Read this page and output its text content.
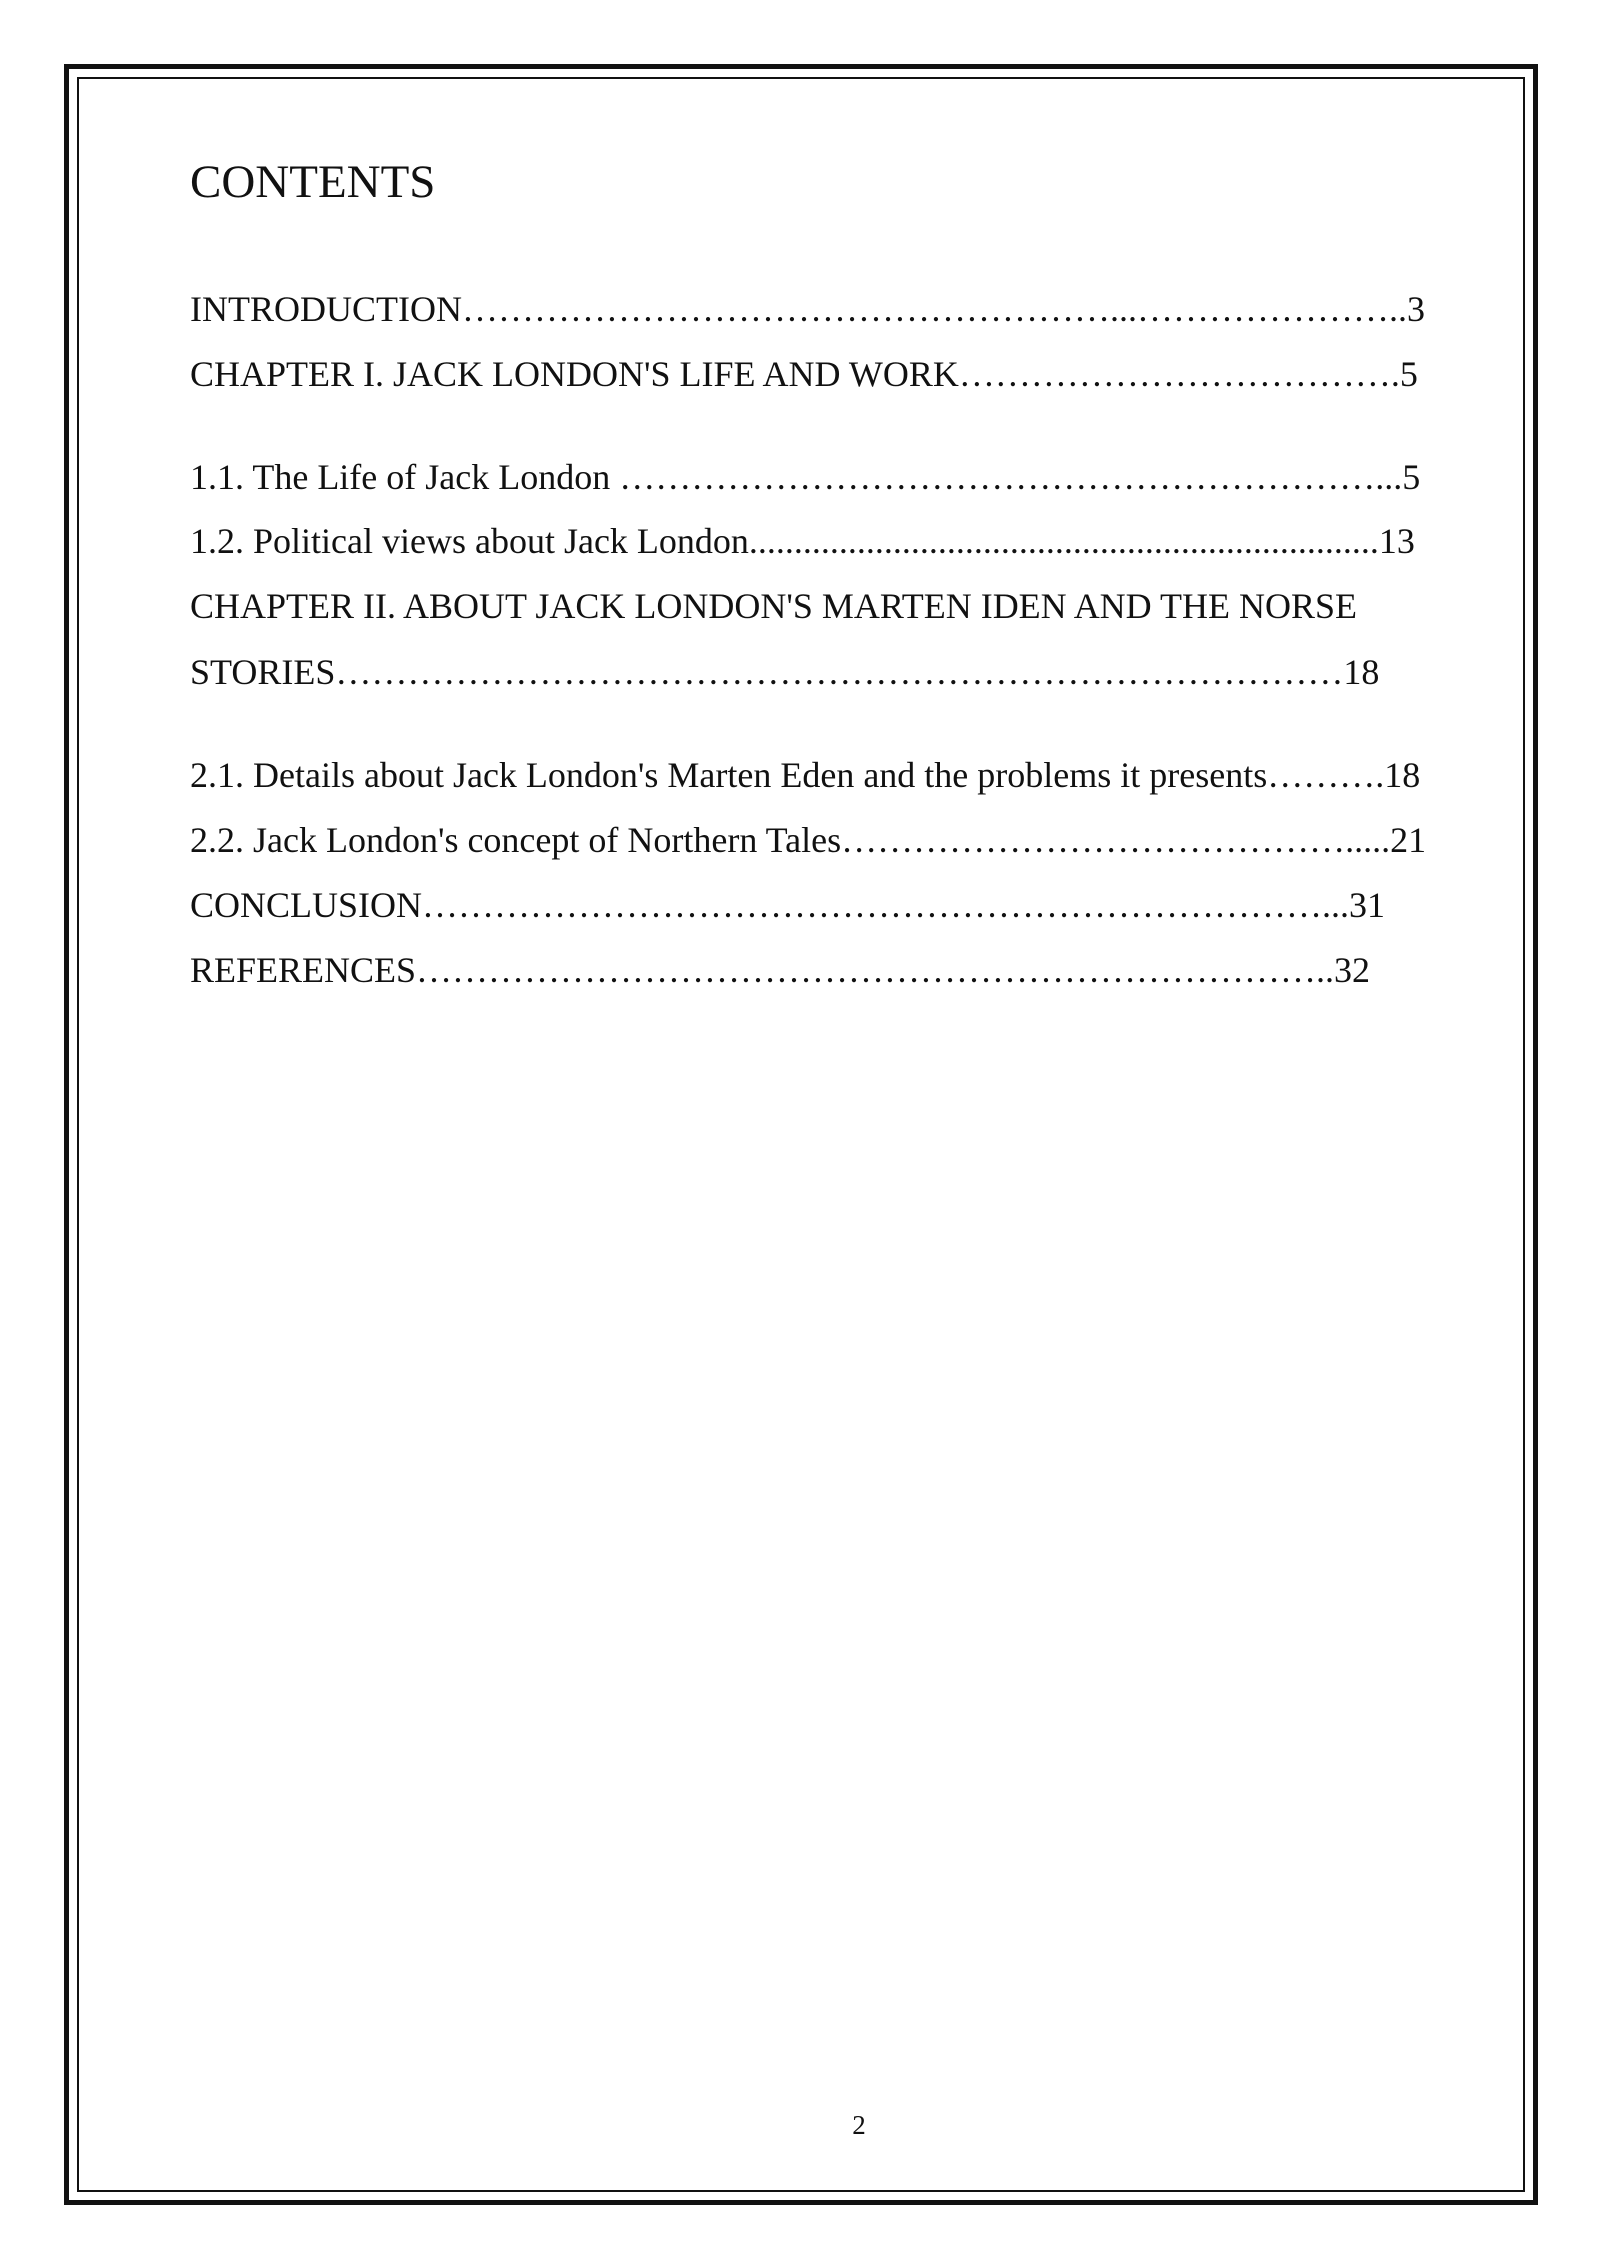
CONTENTS
INTRODUCTION………………………………………………...…………………..3
CHAPTER I. JACK LONDON'S LIFE AND WORK……………………………….5
1.1. The Life of Jack London ………………………………………………………...5
1.2. Political views about Jack London......................................................................13
CHAPTER II. ABOUT JACK LONDON'S MARTEN IDEN AND THE NORSE
STORIES…………………………………………………………………………18
2.1. Details about Jack London's Marten Eden and the problems it presents……….18
2.2. Jack London's concept of Northern Tales…………………………………….....21
CONCLUSION…………………………………………………………………...31
REFERENCES…………………………………………………………………..32
2
